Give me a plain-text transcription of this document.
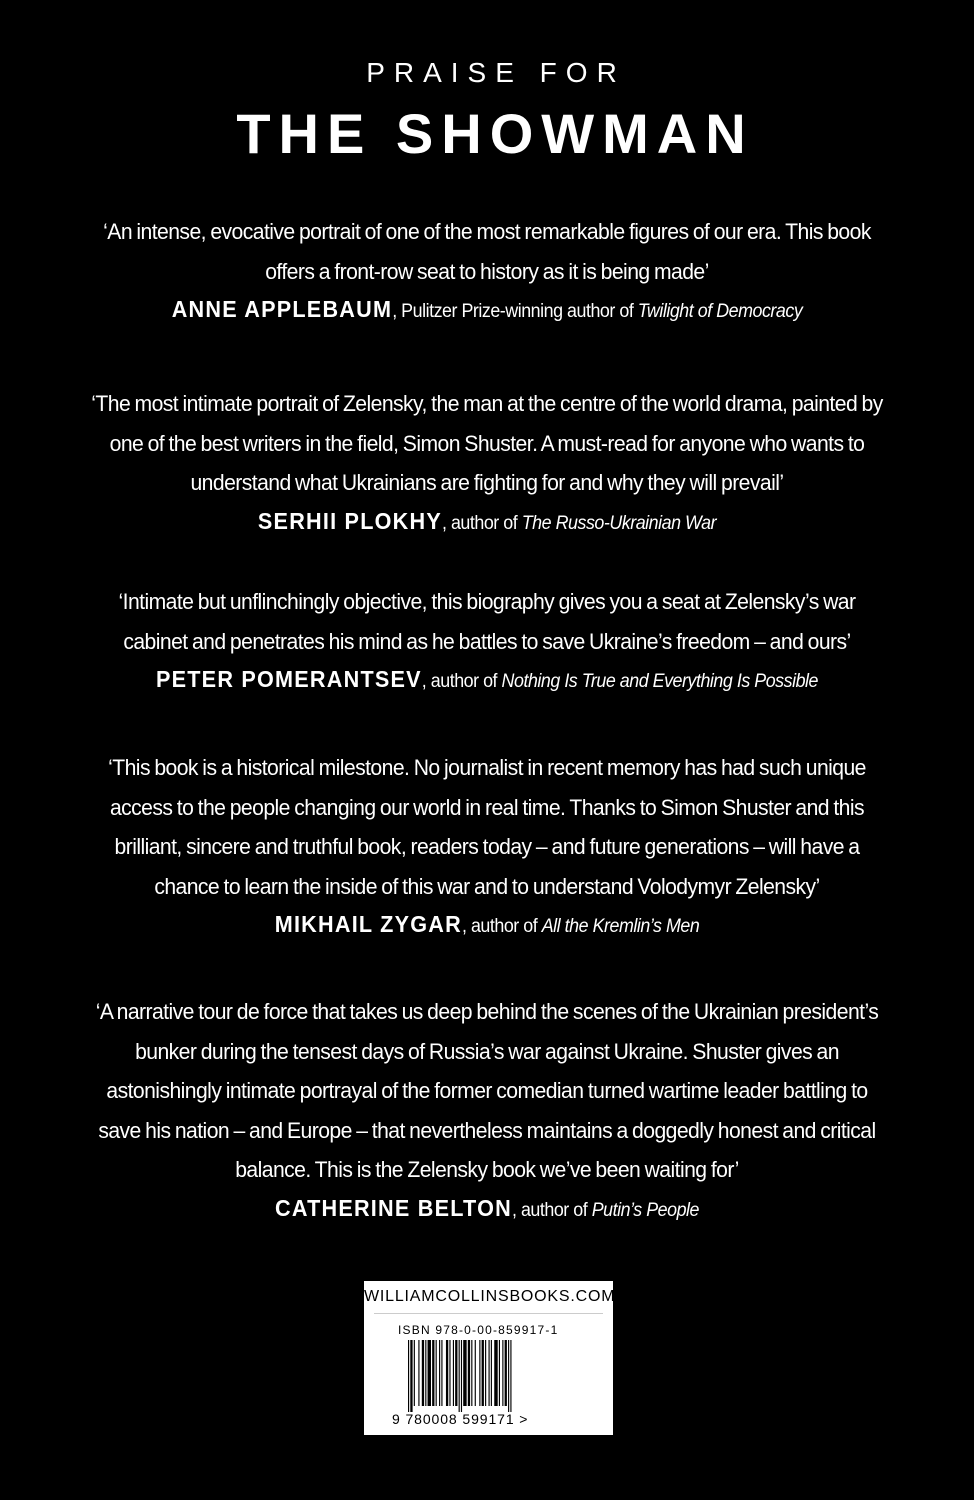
PRAISE FOR
THE SHOWMAN
‘An intense, evocative portrait of one of the most remarkable figures of our era. This book offers a front-row seat to history as it is being made’
ANNE APPLEBAUM, Pulitzer Prize-winning author of Twilight of Democracy
‘The most intimate portrait of Zelensky, the man at the centre of the world drama, painted by one of the best writers in the field, Simon Shuster. A must-read for anyone who wants to understand what Ukrainians are fighting for and why they will prevail’
SERHII PLOKHY, author of The Russo-Ukrainian War
‘Intimate but unflinchingly objective, this biography gives you a seat at Zelensky’s war cabinet and penetrates his mind as he battles to save Ukraine’s freedom – and ours’
PETER POMERANTSEV, author of Nothing Is True and Everything Is Possible
‘This book is a historical milestone. No journalist in recent memory has had such unique access to the people changing our world in real time. Thanks to Simon Shuster and this brilliant, sincere and truthful book, readers today – and future generations – will have a chance to learn the inside of this war and to understand Volodymyr Zelensky’
MIKHAIL ZYGAR, author of All the Kremlin’s Men
‘A narrative tour de force that takes us deep behind the scenes of the Ukrainian president’s bunker during the tensest days of Russia’s war against Ukraine. Shuster gives an astonishingly intimate portrayal of the former comedian turned wartime leader battling to save his nation – and Europe – that nevertheless maintains a doggedly honest and critical balance. This is the Zelensky book we’ve been waiting for’
CATHERINE BELTON, author of Putin’s People
WILLIAMCOLLINSBOOKS.COM
ISBN 978-0-00-859917-1
9 780008 599171 >
